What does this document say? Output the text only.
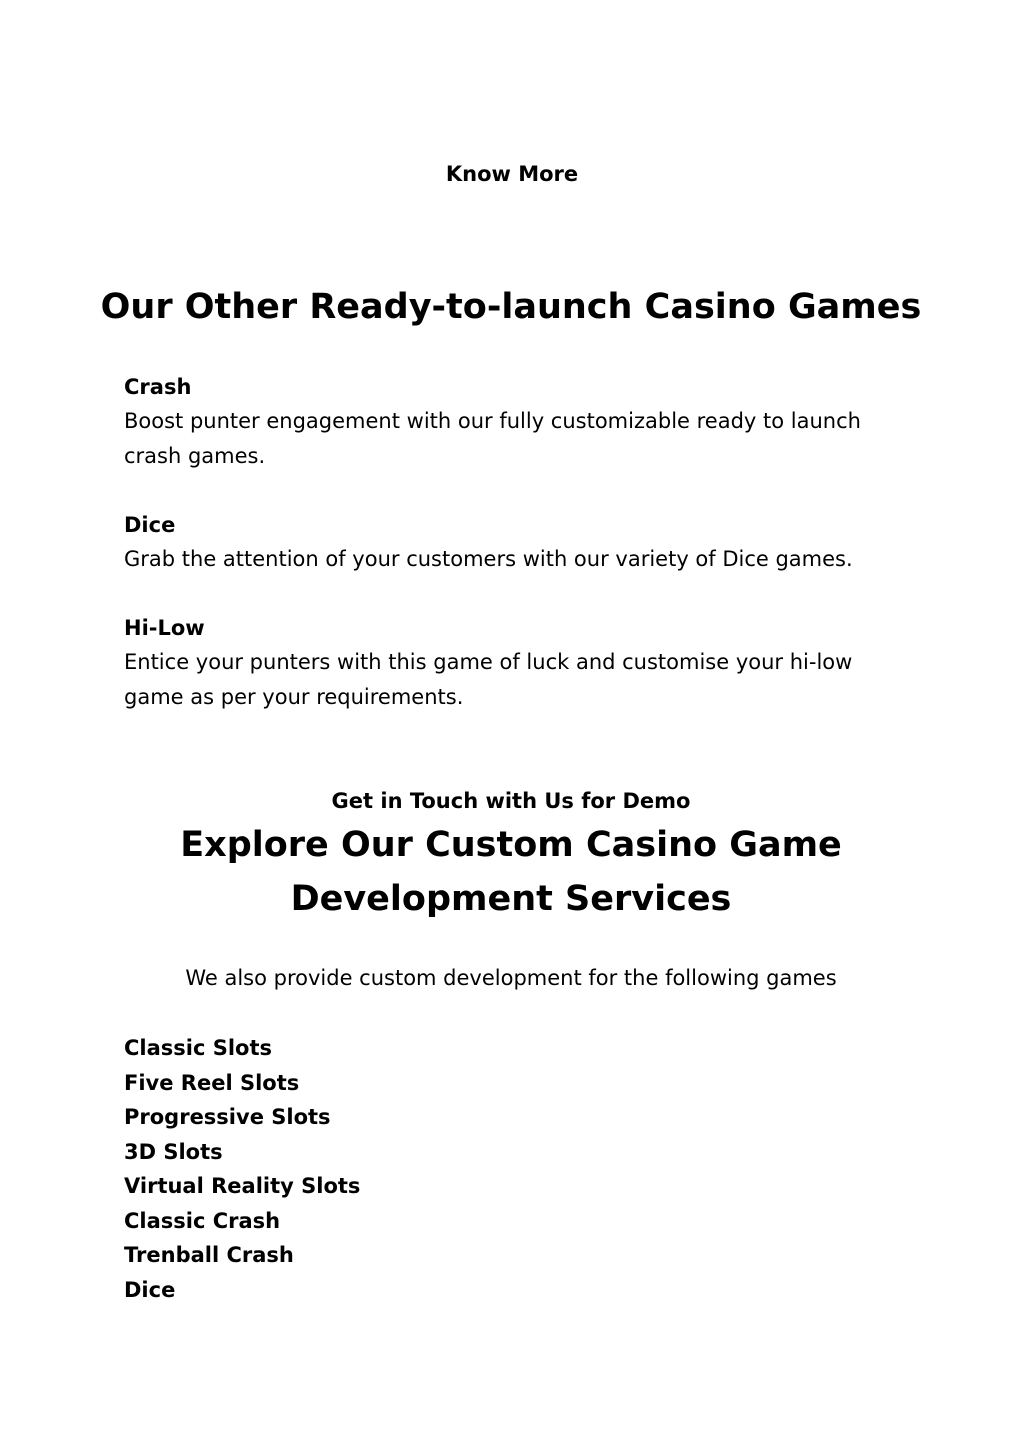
Know More
Our Other Ready-to-launch Casino Games
Crash
Boost punter engagement with our fully customizable ready to launch crash games.
Dice
Grab the attention of your customers with our variety of Dice games.
Hi-Low
Entice your punters with this game of luck and customise your hi-low game as per your requirements.
Get in Touch with Us for Demo
Explore Our Custom Casino Game
Development Services
We also provide custom development for the following games
Classic Slots
Five Reel Slots
Progressive Slots
3D Slots
Virtual Reality Slots
Classic Crash
Trenball Crash
Dice
